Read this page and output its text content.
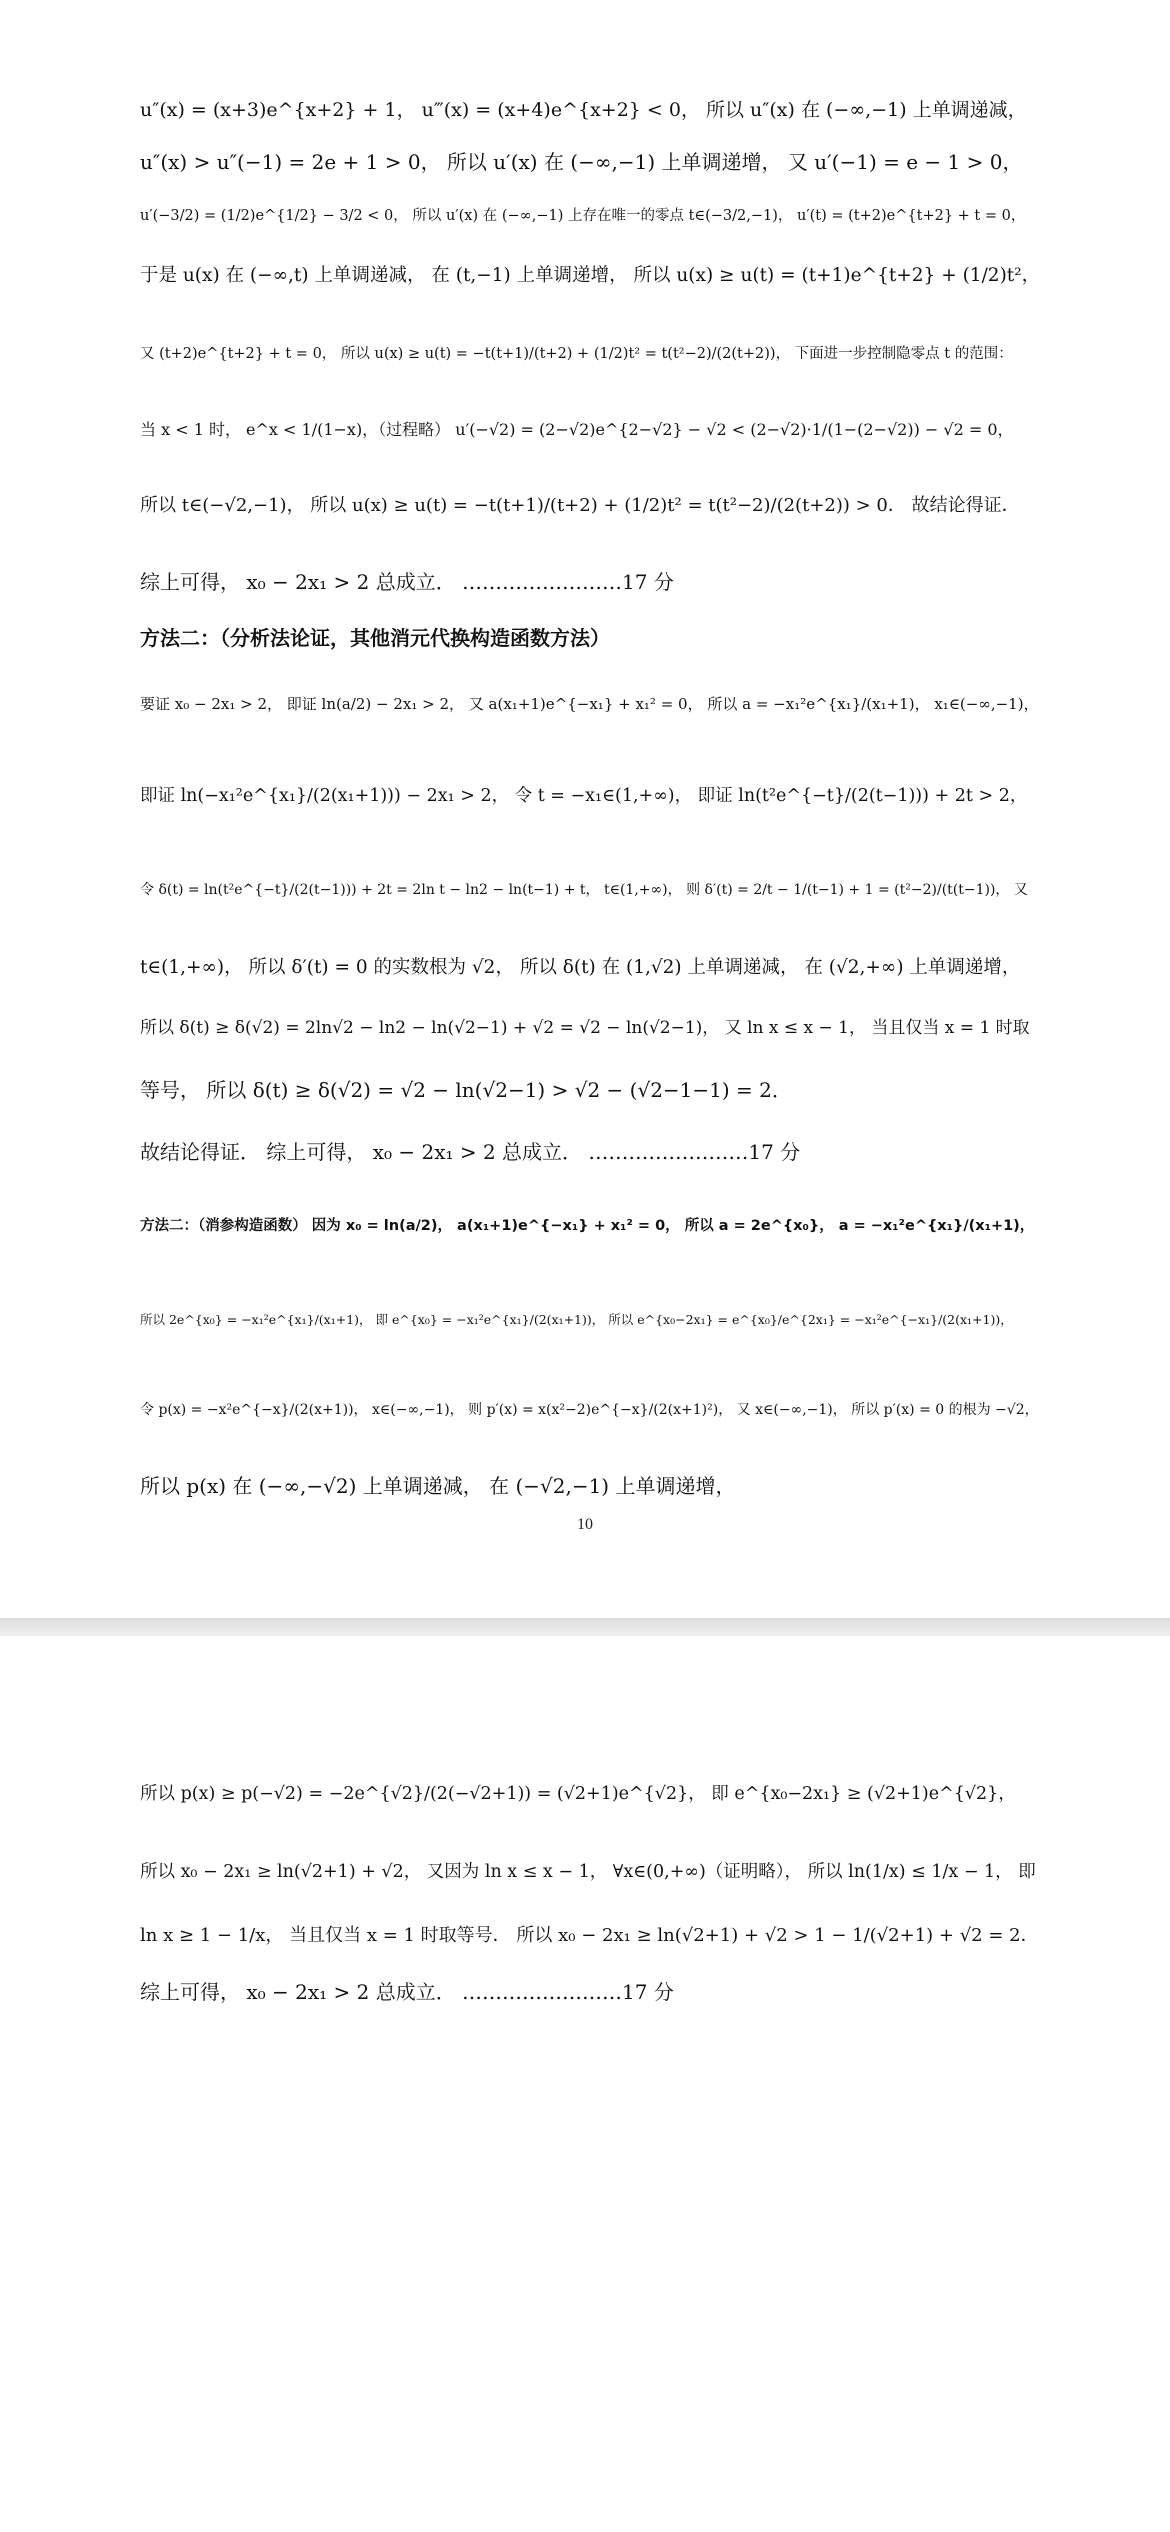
u″(x) = (x+3)e^{x+2} + 1， u‴(x) = (x+4)e^{x+2} < 0， 所以 u″(x) 在 (−∞,−1) 上单调递减，
u″(x) > u″(−1) = 2e + 1 > 0， 所以 u′(x) 在 (−∞,−1) 上单调递增， 又 u′(−1) = e − 1 > 0，
u′(−3/2) = (1/2)e^{1/2} − 3/2 < 0， 所以 u′(x) 在 (−∞,−1) 上存在唯一的零点 t∈(−3/2,−1)， u′(t) = (t+2)e^{t+2} + t = 0，
于是 u(x) 在 (−∞,t) 上单调递减， 在 (t,−1) 上单调递增， 所以 u(x) ≥ u(t) = (t+1)e^{t+2} + (1/2)t²，
又 (t+2)e^{t+2} + t = 0， 所以 u(x) ≥ u(t) = −t(t+1)/(t+2) + (1/2)t² = t(t²−2)/(2(t+2))， 下面进一步控制隐零点 t 的范围：
当 x < 1 时， e^x < 1/(1−x)，（过程略） u′(−√2) = (2−√2)e^{2−√2} − √2 < (2−√2)·1/(1−(2−√2)) − √2 = 0，
所以 t∈(−√2,−1)， 所以 u(x) ≥ u(t) = −t(t+1)/(t+2) + (1/2)t² = t(t²−2)/(2(t+2)) > 0． 故结论得证．
综上可得， x₀ − 2x₁ > 2 总成立． ……………………17 分
方法二：（分析法论证，其他消元代换构造函数方法）
要证 x₀ − 2x₁ > 2， 即证 ln(a/2) − 2x₁ > 2， 又 a(x₁+1)e^{−x₁} + x₁² = 0， 所以 a = −x₁²e^{x₁}/(x₁+1)， x₁∈(−∞,−1)，
即证 ln(−x₁²e^{x₁}/(2(x₁+1))) − 2x₁ > 2， 令 t = −x₁∈(1,+∞)， 即证 ln(t²e^{−t}/(2(t−1))) + 2t > 2，
令 δ(t) = ln(t²e^{−t}/(2(t−1))) + 2t = 2ln t − ln2 − ln(t−1) + t， t∈(1,+∞)， 则 δ′(t) = 2/t − 1/(t−1) + 1 = (t²−2)/(t(t−1))， 又
t∈(1,+∞)， 所以 δ′(t) = 0 的实数根为 √2， 所以 δ(t) 在 (1,√2) 上单调递减， 在 (√2,+∞) 上单调递增，
所以 δ(t) ≥ δ(√2) = 2ln√2 − ln2 − ln(√2−1) + √2 = √2 − ln(√2−1)， 又 ln x ≤ x − 1， 当且仅当 x = 1 时取
等号， 所以 δ(t) ≥ δ(√2) = √2 − ln(√2−1) > √2 − (√2−1−1) = 2．
故结论得证． 综上可得， x₀ − 2x₁ > 2 总成立． ……………………17 分
方法二：（消参构造函数） 因为 x₀ = ln(a/2)， a(x₁+1)e^{−x₁} + x₁² = 0， 所以 a = 2e^{x₀}， a = −x₁²e^{x₁}/(x₁+1)，
所以 2e^{x₀} = −x₁²e^{x₁}/(x₁+1)， 即 e^{x₀} = −x₁²e^{x₁}/(2(x₁+1))， 所以 e^{x₀−2x₁} = e^{x₀}/e^{2x₁} = −x₁²e^{−x₁}/(2(x₁+1))，
令 p(x) = −x²e^{−x}/(2(x+1))， x∈(−∞,−1)， 则 p′(x) = x(x²−2)e^{−x}/(2(x+1)²)， 又 x∈(−∞,−1)， 所以 p′(x) = 0 的根为 −√2，
所以 p(x) 在 (−∞,−√2) 上单调递减， 在 (−√2,−1) 上单调递增，
10
所以 p(x) ≥ p(−√2) = −2e^{√2}/(2(−√2+1)) = (√2+1)e^{√2}， 即 e^{x₀−2x₁} ≥ (√2+1)e^{√2}，
所以 x₀ − 2x₁ ≥ ln(√2+1) + √2， 又因为 ln x ≤ x − 1， ∀x∈(0,+∞)（证明略）， 所以 ln(1/x) ≤ 1/x − 1， 即
ln x ≥ 1 − 1/x， 当且仅当 x = 1 时取等号． 所以 x₀ − 2x₁ ≥ ln(√2+1) + √2 > 1 − 1/(√2+1) + √2 = 2．
综上可得， x₀ − 2x₁ > 2 总成立． ……………………17 分
